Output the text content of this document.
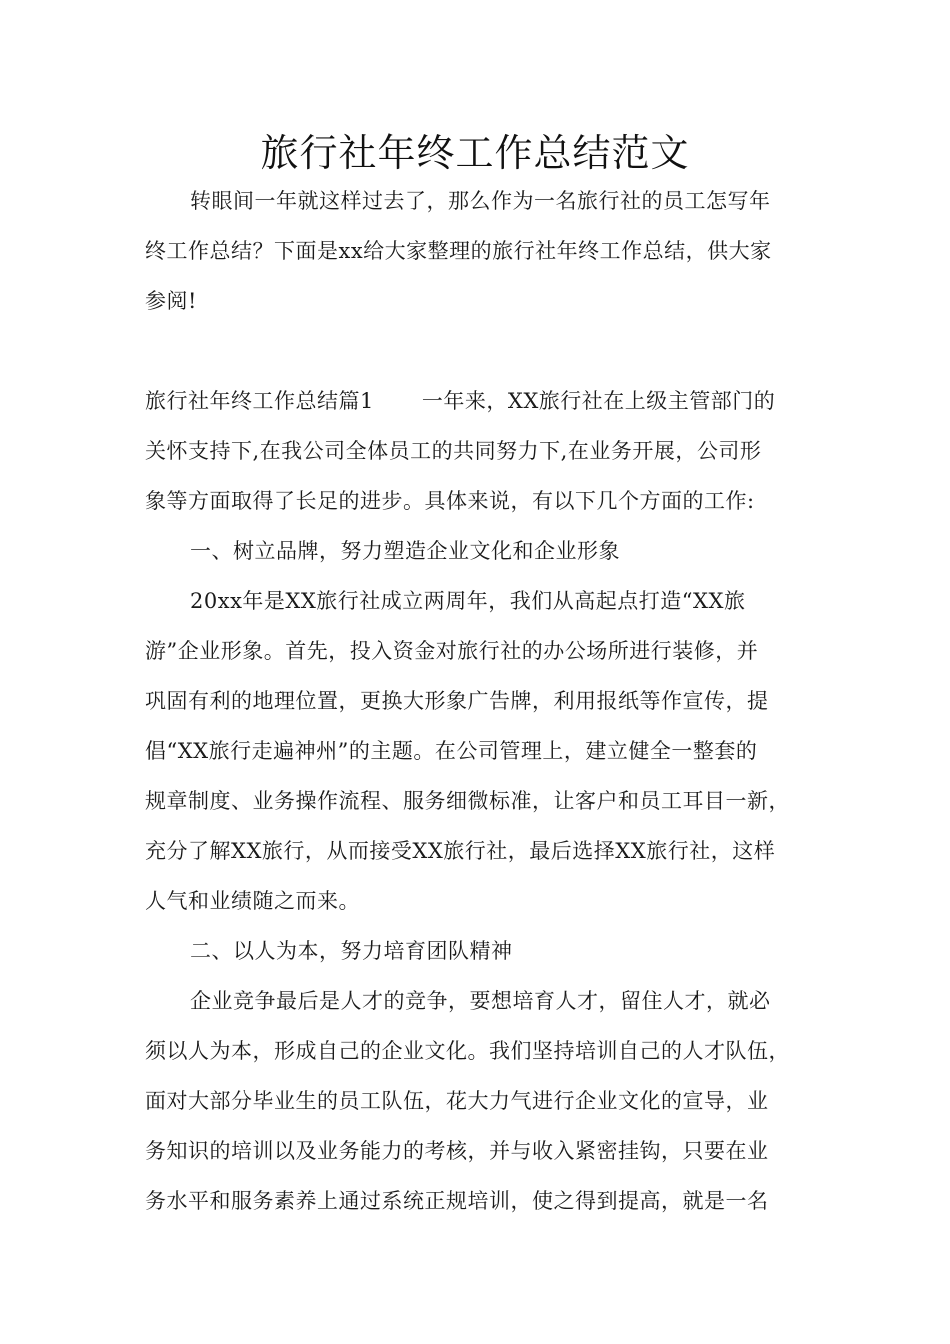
旅行社年终工作总结范文
转眼间一年就这样过去了，那么作为一名旅行社的员工怎写年
终工作总结？下面是xx给大家整理的旅行社年终工作总结，供大家
参阅!
旅行社年终工作总结篇1 一年来，XX旅行社在上级主管部门的
关怀支持下,在我公司全体员工的共同努力下,在业务开展，公司形
象等方面取得了长足的进步。具体来说，有以下几个方面的工作:
一、树立品牌，努力塑造企业文化和企业形象
20xx年是XX旅行社成立两周年，我们从高起点打造“XX旅
游”企业形象。首先，投入资金对旅行社的办公场所进行装修，并
巩固有利的地理位置，更换大形象广告牌，利用报纸等作宣传，提
倡“XX旅行走遍神州”的主题。在公司管理上，建立健全一整套的
规章制度、业务操作流程、服务细微标准，让客户和员工耳目一新，
充分了解XX旅行，从而接受XX旅行社，最后选择XX旅行社，这样
人气和业绩随之而来。
二、以人为本，努力培育团队精神
企业竞争最后是人才的竞争，要想培育人才，留住人才，就必
须以人为本，形成自己的企业文化。我们坚持培训自己的人才队伍，
面对大部分毕业生的员工队伍，花大力气进行企业文化的宣导，业
务知识的培训以及业务能力的考核，并与收入紧密挂钩，只要在业
务水平和服务素养上通过系统正规培训，使之得到提高，就是一名
